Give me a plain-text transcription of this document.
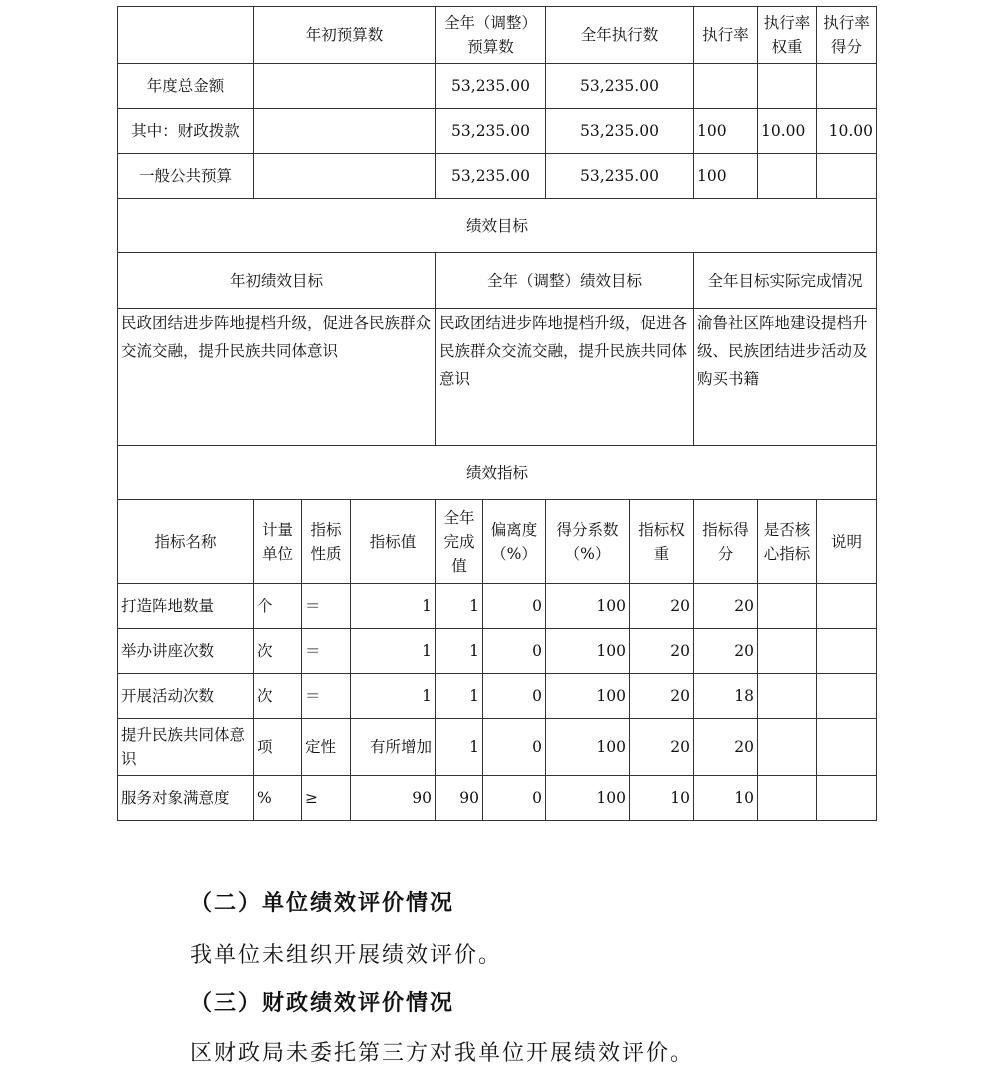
	年初预算数			全年（调整）预算数		全年执行数		执行率	执行率权重	执行率得分
年度总金额				53,235.00		53,235.00				
其中：财政拨款				53,235.00		53,235.00		100	10.00	10.00
一般公共预算				53,235.00		53,235.00		100		
绩效目标										
年初绩效目标				全年（调整）绩效目标				全年目标实际完成情况		
民政团结进步阵地提档升级，促进各民族群众交流交融，提升民族共同体意识				民政团结进步阵地提档升级，促进各民族群众交流交融，提升民族共同体意识				渝鲁社区阵地建设提档升级、民族团结进步活动及购买书籍		
绩效指标										
指标名称	计量单位	指标性质	指标值	全年完成值	偏离度（%）	得分系数（%）	指标权重	指标得分	是否核心指标	说明
打造阵地数量	个	＝	1	1	0	100	20	20		
举办讲座次数	次	＝	1	1	0	100	20	20		
开展活动次数	次	＝	1	1	0	100	20	18		
提升民族共同体意识	项	定性	有所增加	1	0	100	20	20		
服务对象满意度	%	≥	90	90	0	100	10	10		
（二）单位绩效评价情况
我单位未组织开展绩效评价。
（三）财政绩效评价情况
区财政局未委托第三方对我单位开展绩效评价。
